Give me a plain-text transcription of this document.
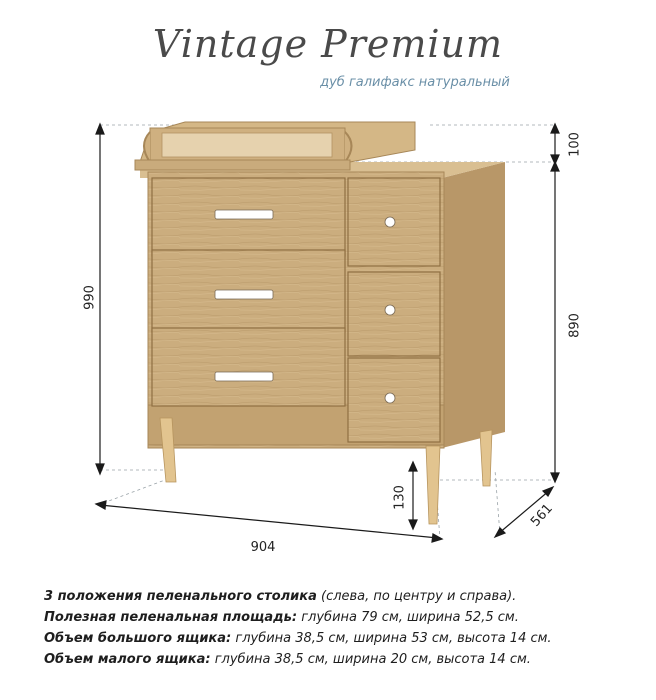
Vintage Premium
дуб галифакс натуральный
990
100
890
130
904
561
3 положения пеленального столика (слева, по центру и справа).
Полезная пеленальная площадь: глубина 79 см, ширина 52,5 см.
Объем большого ящика: глубина 38,5 см, ширина 53 см, высота 14 см.
Объем малого ящика: глубина 38,5 см, ширина 20 см, высота 14 см.
